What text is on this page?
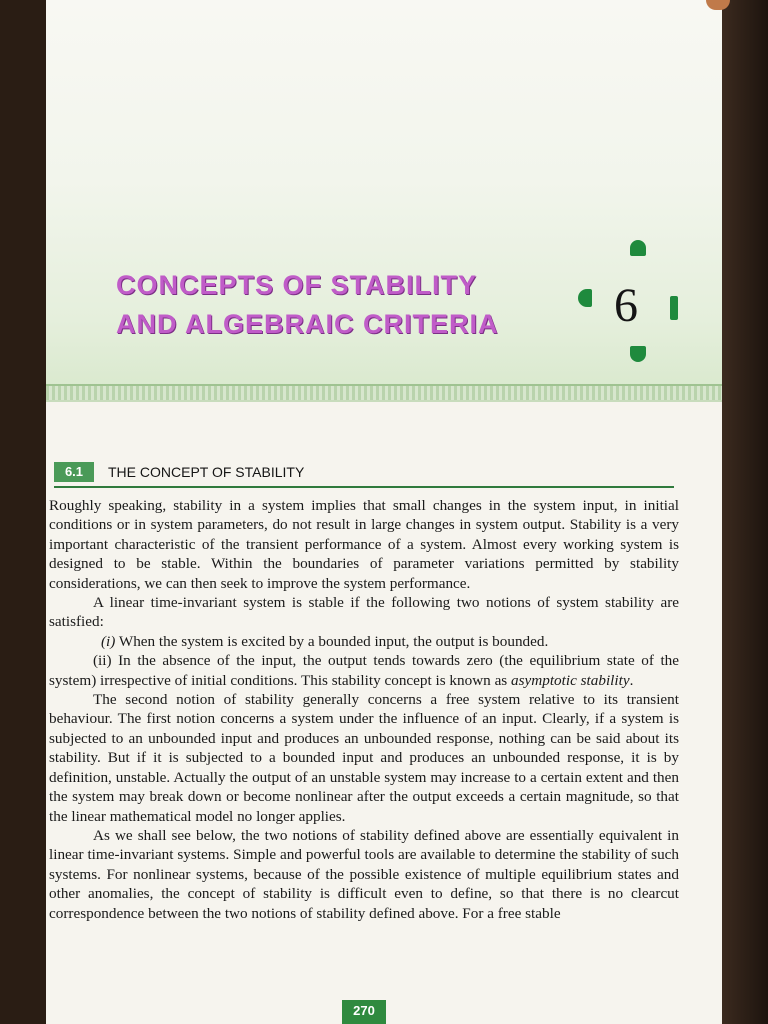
CONCEPTS OF STABILITY
AND ALGEBRAIC CRITERIA	6
6.1	THE CONCEPT OF STABILITY

Roughly speaking, stability in a system implies that small changes in the system input, in initial conditions or in system parameters, do not result in large changes in system output. Stability is a very important characteristic of the transient performance of a system. Almost every working system is designed to be stable. Within the boundaries of parameter variations permitted by stability considerations, we can then seek to improve the system performance.

A linear time-invariant system is stable if the following two notions of system stability are satisfied:

(i) When the system is excited by a bounded input, the output is bounded.

(ii) In the absence of the input, the output tends towards zero (the equilibrium state of the system) irrespective of initial conditions. This stability concept is known as asymptotic stability.

The second notion of stability generally concerns a free system relative to its transient behaviour. The first notion concerns a system under the influence of an input. Clearly, if a system is subjected to an unbounded input and produces an unbounded response, nothing can be said about its stability. But if it is subjected to a bounded input and produces an unbounded response, it is by definition, unstable. Actually the output of an unstable system may increase to a certain extent and then the system may break down or become nonlinear after the output exceeds a certain magnitude, so that the linear mathematical model no longer applies.

As we shall see below, the two notions of stability defined above are essentially equivalent in linear time-invariant systems. Simple and powerful tools are available to determine the stability of such systems. For nonlinear systems, because of the possible existence of multiple equilibrium states and other anomalies, the concept of stability is difficult even to define, so that there is no clearcut correspondence between the two notions of stability defined above. For a free stable

270
